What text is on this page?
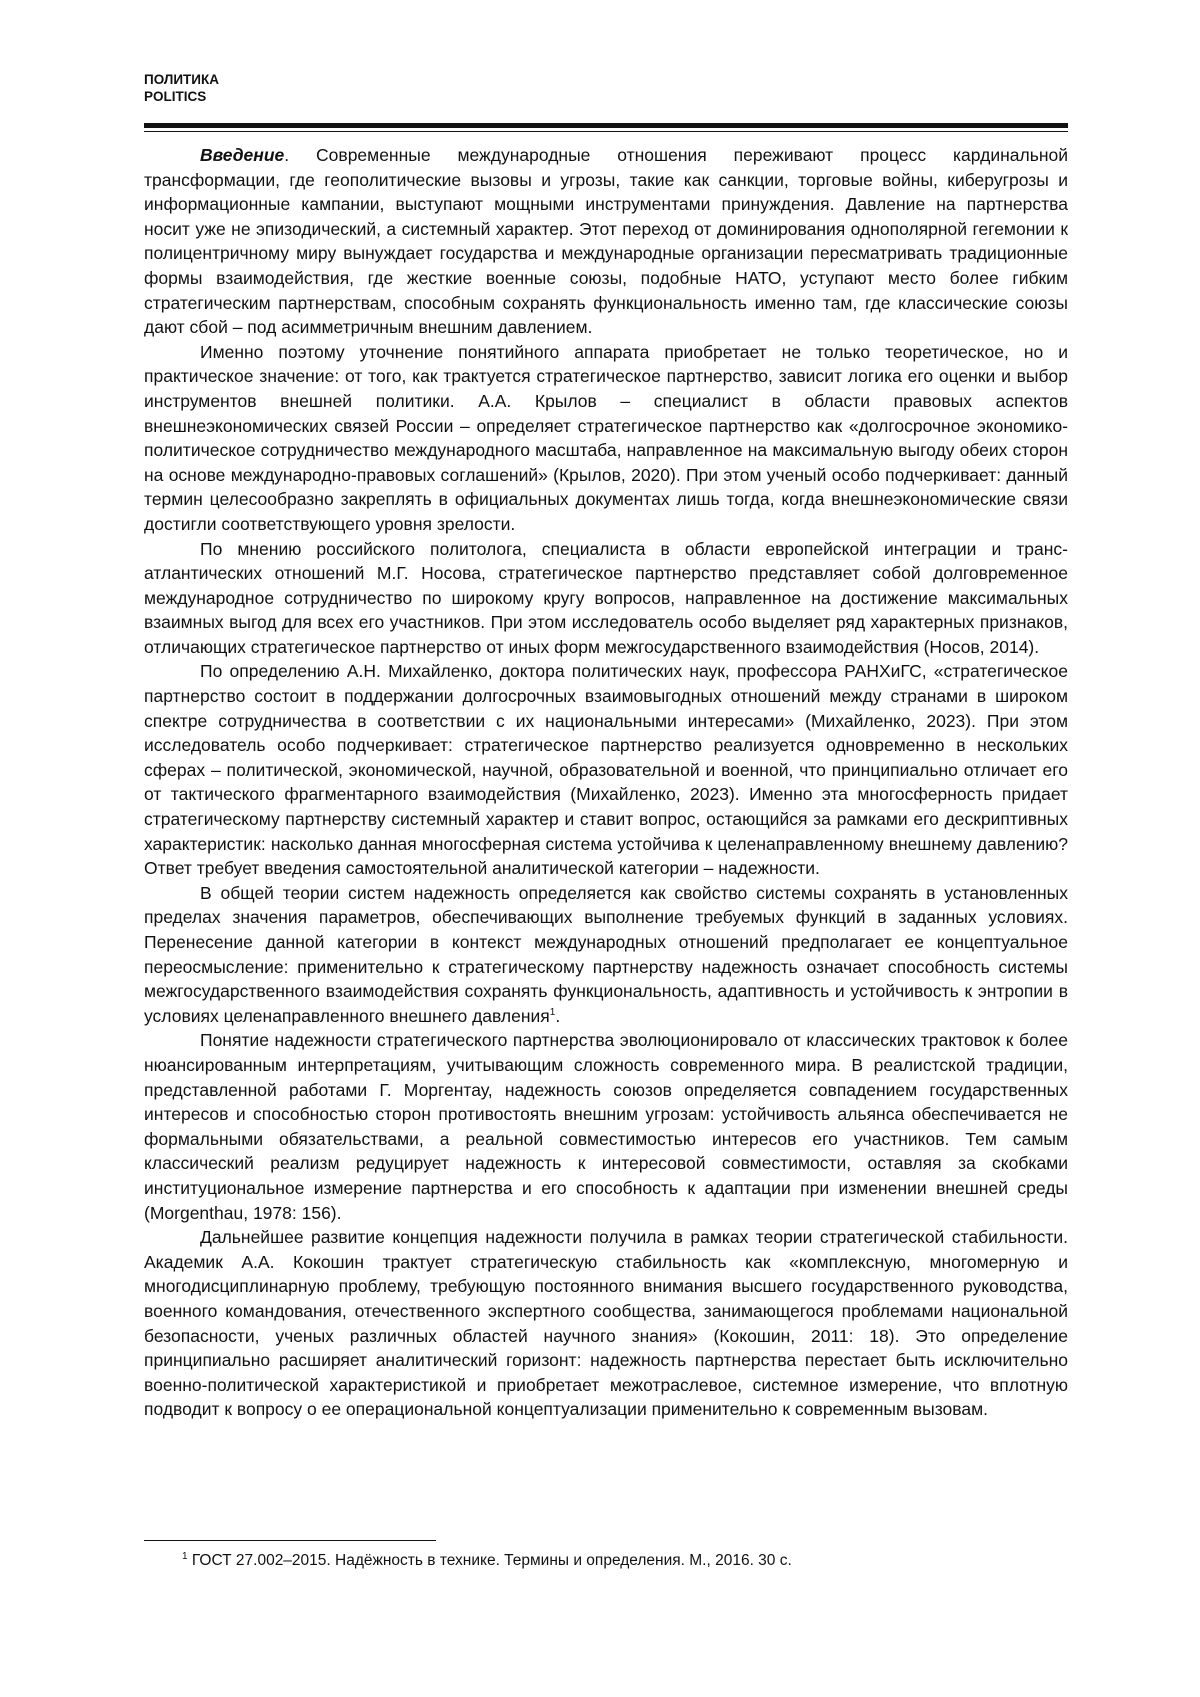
ПОЛИТИКА
POLITICS

Введение. Современные международные отношения переживают процесс кардинальной трансформации, где геополитические вызовы и угрозы, такие как санкции, торговые войны, киберугрозы и информационные кампании, выступают мощными инструментами принуждения. Давление на партнерства носит уже не эпизодический, а системный характер. Этот переход от доминирования однополярной гегемонии к полицентричному миру вынуждает государства и международные организации пересматривать традиционные формы взаимодействия, где жесткие военные союзы, подобные НАТО, уступают место более гибким стратегическим партнерствам, способным сохранять функциональность именно там, где классические союзы дают сбой – под асимметричным внешним давлением.

Именно поэтому уточнение понятийного аппарата приобретает не только теоретическое, но и практическое значение: от того, как трактуется стратегическое партнерство, зависит логика его оценки и выбор инструментов внешней политики. А.А. Крылов – специалист в области правовых аспектов внешнеэкономических связей России – определяет стратегическое партнерство как «долгосрочное экономико-политическое сотрудничество международного масштаба, направленное на максимальную выгоду обеих сторон на основе международно-правовых соглашений» (Крылов, 2020). При этом ученый особо подчеркивает: данный термин целесообразно закреплять в официальных документах лишь тогда, когда внешнеэкономические связи достигли соответствующего уровня зрелости.

По мнению российского политолога, специалиста в области европейской интеграции и трансатлантических отношений М.Г. Носова, стратегическое партнерство представляет собой долговременное международное сотрудничество по широкому кругу вопросов, направленное на достижение максимальных взаимных выгод для всех его участников. При этом исследователь особо выделяет ряд характерных признаков, отличающих стратегическое партнерство от иных форм межгосударственного взаимодействия (Носов, 2014).

По определению А.Н. Михайленко, доктора политических наук, профессора РАНХиГС, «стратегическое партнерство состоит в поддержании долгосрочных взаимовыгодных отношений между странами в широком спектре сотрудничества в соответствии с их национальными интересами» (Михайленко, 2023). При этом исследователь особо подчеркивает: стратегическое партнерство реализуется одновременно в нескольких сферах – политической, экономической, научной, образовательной и военной, что принципиально отличает его от тактического фрагментарного взаимодействия (Михайленко, 2023). Именно эта многосферность придает стратегическому партнерству системный характер и ставит вопрос, остающийся за рамками его дескриптивных характеристик: насколько данная многосферная система устойчива к целенаправленному внешнему давлению? Ответ требует введения самостоятельной аналитической категории – надежности.

В общей теории систем надежность определяется как свойство системы сохранять в установленных пределах значения параметров, обеспечивающих выполнение требуемых функций в заданных условиях. Перенесение данной категории в контекст международных отношений предполагает ее концептуальное переосмысление: применительно к стратегическому партнерству надежность означает способность системы межгосударственного взаимодействия сохранять функциональность, адаптивность и устойчивость к энтропии в условиях целенаправленного внешнего давления$^1$.

Понятие надежности стратегического партнерства эволюционировало от классических трактовок к более нюансированным интерпретациям, учитывающим сложность современного мира. В реалистской традиции, представленной работами Г. Моргентау, надежность союзов определяется совпадением государственных интересов и способностью сторон противостоять внешним угрозам: устойчивость альянса обеспечивается не формальными обязательствами, а реальной совместимостью интересов его участников. Тем самым классический реализм редуцирует надежность к интересовой совместимости, оставляя за скобками институциональное измерение партнерства и его способность к адаптации при изменении внешней среды (Morgenthau, 1978: 156).

Дальнейшее развитие концепция надежности получила в рамках теории стратегической стабильности. Академик А.А. Кокошин трактует стратегическую стабильность как «комплексную, многомерную и многодисциплинарную проблему, требующую постоянного внимания высшего государственного руководства, военного командования, отечественного экспертного сообщества, занимающегося проблемами национальной безопасности, ученых различных областей научного знания» (Кокошин, 2011: 18). Это определение принципиально расширяет аналитический горизонт: надежность партнерства перестает быть исключительно военно-политической характеристикой и приобретает межотраслевое, системное измерение, что вплотную подводит к вопросу о ее операциональной концептуализации применительно к современным вызовам.

$^1$ ГОСТ 27.002–2015. Надёжность в технике. Термины и определения. М., 2016. 30 с.
